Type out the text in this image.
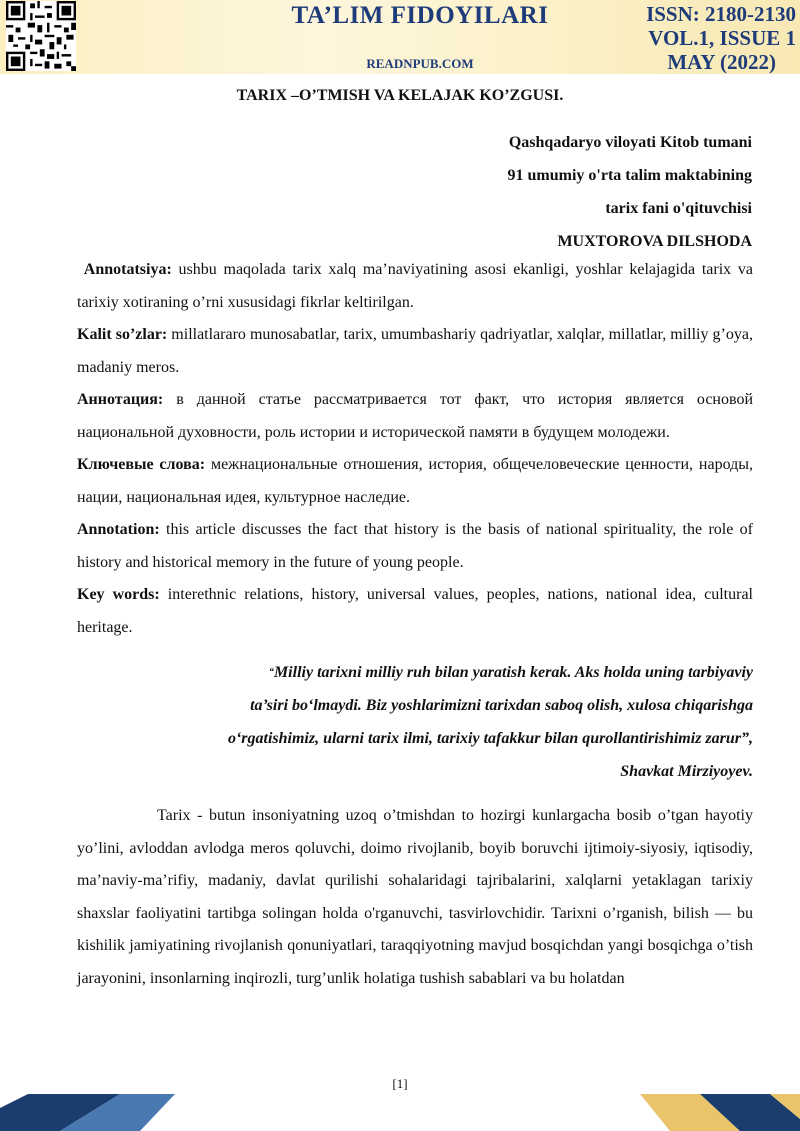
TA’LIM FIDOYILARI
READNPUB.COM
ISSN: 2180-2130
VOL.1, ISSUE 1
MAY (2022)
TARIX –O’TMISH VA KELAJAK KO’ZGUSI.
Qashqadaryo viloyati Kitob tumani
91 umumiy o'rta talim maktabining
tarix fani o'qituvchisi
MUXTOROVA DILSHODA

Annotatsiya: ushbu maqolada tarix xalq ma’naviyatining asosi ekanligi, yoshlar kelajagida tarix va tarixiy xotiraning o’rni xususidagi fikrlar keltirilgan.

Kalit so’zlar: millatlararo munosabatlar, tarix, umumbashariy qadriyatlar, xalqlar, millatlar, milliy g’oya, madaniy meros.

Аннотация: в данной статье рассматривается тот факт, что история является основой национальной духовности, роль истории и исторической памяти в будущем молодежи.

Ключевые слова: межнациональные отношения, история, общечеловеческие ценности, народы, нации, национальная идея, культурное наследие.

Annotation: this article discusses the fact that history is the basis of national spirituality, the role of history and historical memory in the future of young people.

Key words: interethnic relations, history, universal values, peoples, nations, national idea, cultural heritage.

“Milliy tarixni milliy ruh bilan yaratish kerak. Aks holda uning tarbiyaviy
ta’siri bo‘lmaydi. Biz yoshlarimizni tarixdan saboq olish, xulosa chiqarishga
o‘rgatishimiz, ularni tarix ilmi, tarixiy tafakkur bilan qurollantirishimiz zarur”,
Shavkat Mirziyoyev.

Tarix - butun insoniyatning uzoq o’tmishdan to hozirgi kunlargacha bosib o’tgan hayotiy yo’lini, avloddan avlodga meros qoluvchi, doimo rivojlanib, boyib boruvchi ijtimoiy-siyosiy, iqtisodiy, ma’naviy-ma’rifiy, madaniy, davlat qurilishi sohalaridagi tajribalarini, xalqlarni yetaklagan tarixiy shaxslar faoliyatini tartibga solingan holda o'rganuvchi, tasvirlovchidir. Tarixni o’rganish, bilish — bu kishilik jamiyatining rivojlanish qonuniyatlari, taraqqiyotning mavjud bosqichdan yangi bosqichga o’tish jarayonini, insonlarning inqirozli, turg’unlik holatiga tushish sabablari va bu holatdan

[1]
